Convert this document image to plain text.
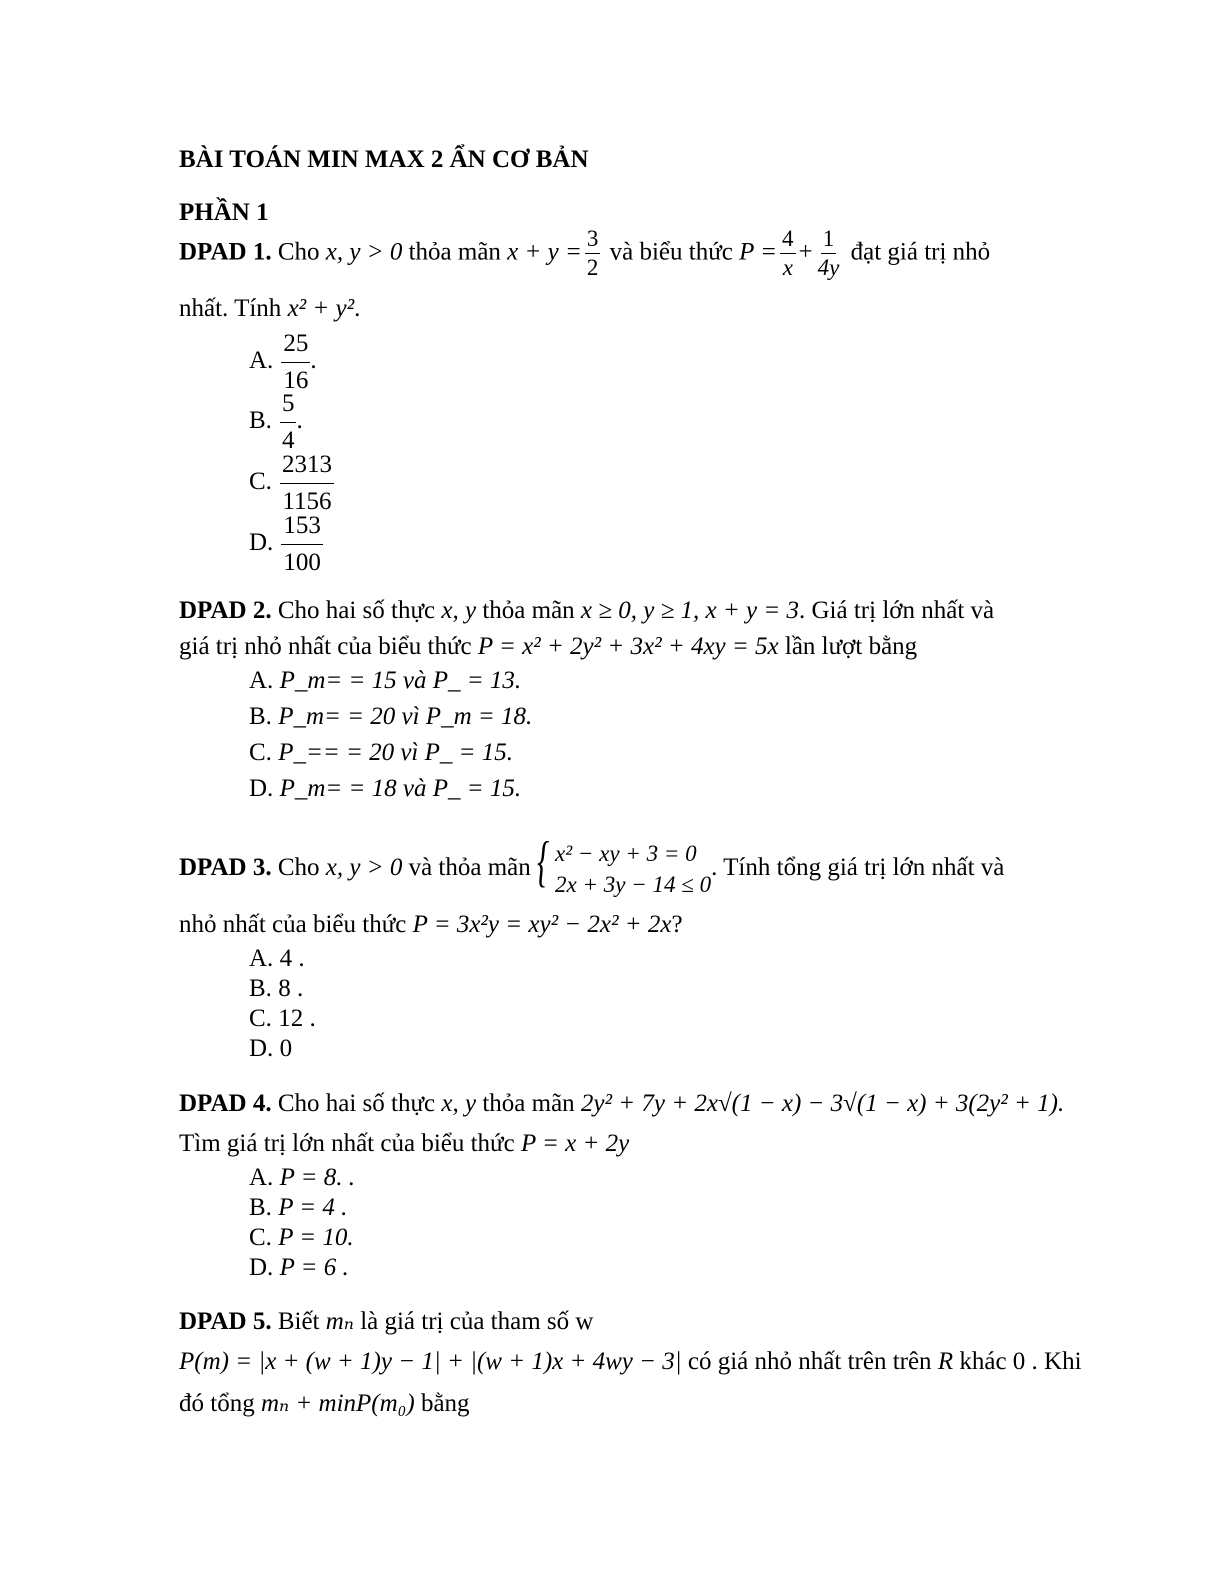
BÀI TOÁN MIN MAX 2 ẨN CƠ BẢN
PHẦN 1
DPAD 1. Cho x, y > 0 thỏa mãn $x + y = \frac{3}{2}$ và biểu thức $P = \frac{4}{x} + \frac{1}{4y}$ đạt giá trị nhỏ
nhất. Tính x² + y².
A. $\frac{25}{16}$ .
B. $\frac{5}{4}$ .
C. $\frac{2313}{1156}$
D. $\frac{153}{100}$
DPAD 2. Cho hai số thực x, y thỏa mãn x ≥ 0, y ≥ 1, x + y = 3. Giá trị lớn nhất và
giá trị nhỏ nhất của biểu thức P = x² + 2y² + 3x² + 4xy = 5x lần lượt bằng
A. P_m= = 15 và P_ = 13.
B. P_m= = 20 vì P_m = 18.
C. P_== = 20 vì P_ = 15.
D. P_m= = 18 và P_ = 15.
DPAD 3. Cho x, y > 0 và thỏa mãn { x² − xy + 3 = 0
2x + 3y − 14 ≤ 0
. Tính tổng giá trị lớn nhất và
nhỏ nhất của biểu thức P = 3x²y = xy² − 2x² + 2x?
A. 4 .
B. 8 .
C. 12 .
D. 0
DPAD 4. Cho hai số thực x, y thỏa mãn 2y² + 7y + 2x√(1 − x) − 3√(1 − x) + 3(2y² + 1).
Tìm giá trị lớn nhất của biểu thức P = x + 2y
A. P = 8. .
B. P = 4 .
C. P = 10.
D. P = 6 .
DPAD 5. Biết mₙ là giá trị của tham số w
P(m) = |x + (w + 1)y − 1| + |(w + 1)x + 4wy − 3| có giá nhỏ nhất trên trên R khác 0 . Khi
đó tổng mₙ + minP(m₀) bằng
